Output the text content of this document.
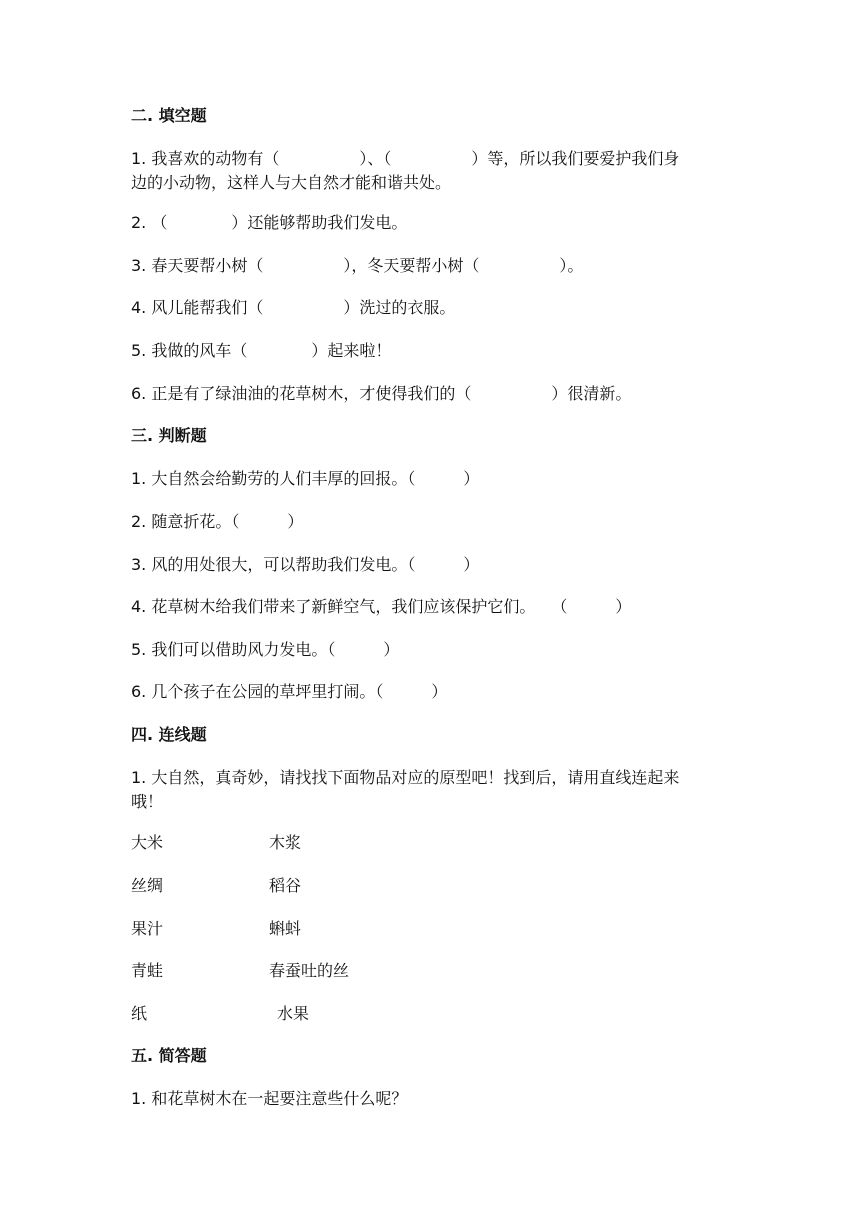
二. 填空题
1. 我喜欢的动物有（　　　　　）、（　　　　　）等，所以我们要爱护我们身
边的小动物，这样人与大自然才能和谐共处。
2. （　　　　）还能够帮助我们发电。
3. 春天要帮小树（　　　　　），冬天要帮小树（　　　　　）。
4. 风儿能帮我们（　　　　　）洗过的衣服。
5. 我做的风车（　　　　）起来啦！
6. 正是有了绿油油的花草树木，才使得我们的（　　　　　）很清新。
三. 判断题
1. 大自然会给勤劳的人们丰厚的回报。（　　　）
2. 随意折花。（　　　）
3. 风的用处很大，可以帮助我们发电。（　　　）
4. 花草树木给我们带来了新鲜空气，我们应该保护它们。　　（　　　）
5. 我们可以借助风力发电。（　　　）
6. 几个孩子在公园的草坪里打闹。（　　　）
四. 连线题
1. 大自然，真奇妙，请找找下面物品对应的原型吧！找到后，请用直线连起来
哦！
大米	木浆
丝绸	稻谷
果汁	蝌蚪
青蛙	春蚕吐的丝
纸	水果
五. 简答题
1. 和花草树木在一起要注意些什么呢？
